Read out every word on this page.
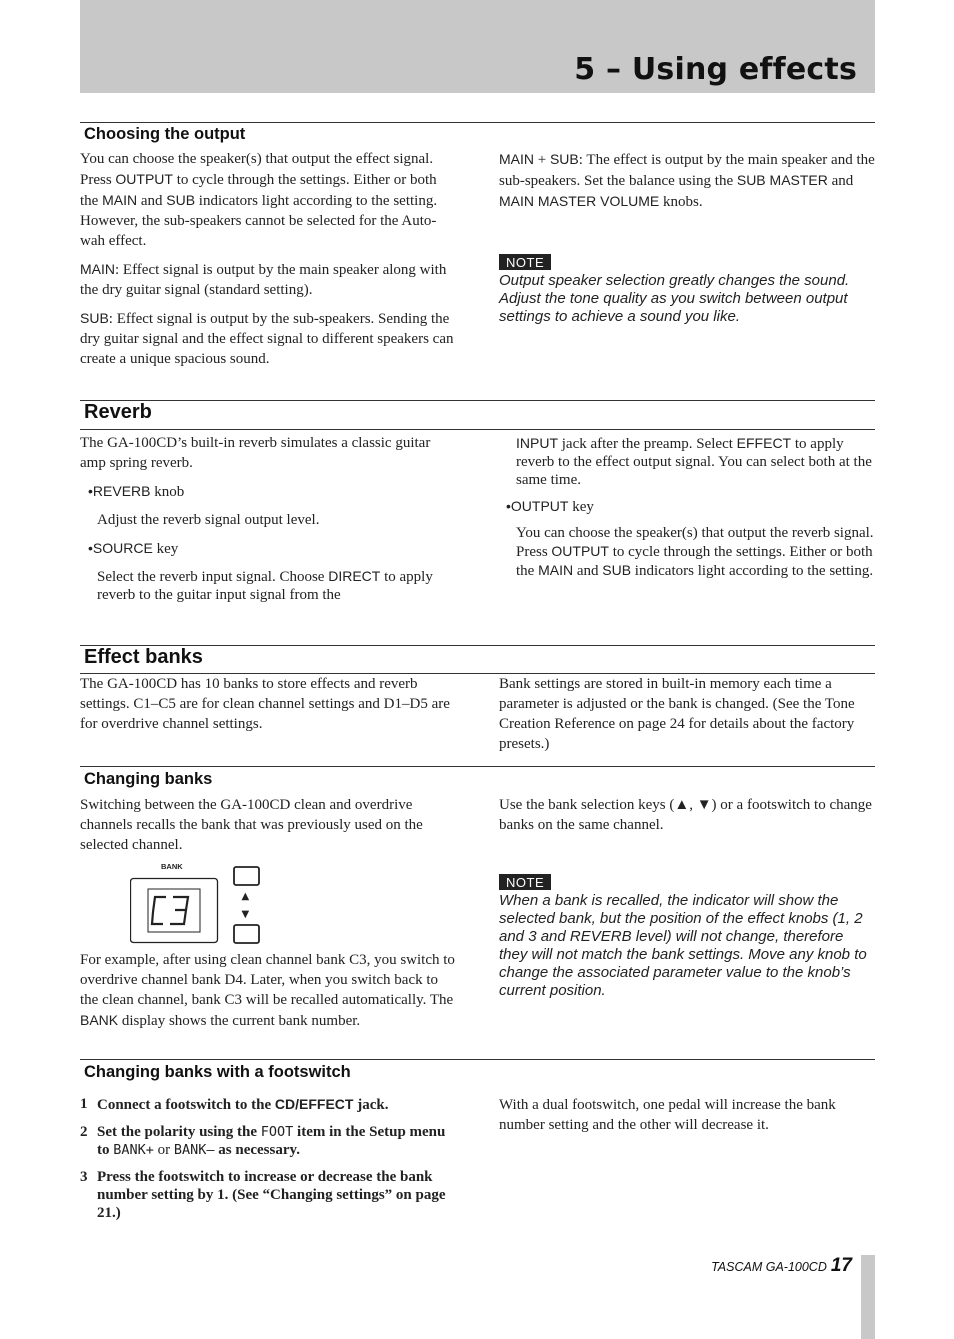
5 – Using effects
Choosing the output

You can choose the speaker(s) that output the effect signal. Press OUTPUT to cycle through the settings. Either or both the MAIN and SUB indicators light according to the setting. However, the sub-speakers cannot be selected for the Auto-wah effect.

MAIN: Effect signal is output by the main speaker along with the dry guitar signal (standard setting).

SUB: Effect signal is output by the sub-speakers. Sending the dry guitar signal and the effect signal to different speakers can create a unique spacious sound.

MAIN + SUB: The effect is output by the main speaker and the sub-speakers. Set the balance using the SUB MASTER and MAIN MASTER VOLUME knobs.

NOTE
Output speaker selection greatly changes the sound. Adjust the tone quality as you switch between output settings to achieve a sound you like.
Reverb

The GA-100CD’s built-in reverb simulates a classic guitar amp spring reverb.

•REVERB knob

Adjust the reverb signal output level.

•SOURCE key

Select the reverb input signal. Choose DIRECT to apply reverb to the guitar input signal from the

INPUT jack after the preamp. Select EFFECT to apply reverb to the effect output signal. You can select both at the same time.

•OUTPUT key

You can choose the speaker(s) that output the reverb signal. Press OUTPUT to cycle through the settings. Either or both the MAIN and SUB indicators light according to the setting.

Effect banks

The GA-100CD has 10 banks to store effects and reverb settings. C1–C5 are for clean channel settings and D1–D5 are for overdrive channel settings.

Bank settings are stored in built-in memory each time a parameter is adjusted or the bank is changed. (See the Tone Creation Reference on page 24 for details about the factory presets.)

Changing banks

Switching between the GA-100CD clean and overdrive channels recalls the bank that was previously used on the selected channel.

BANK
▲
▼

For example, after using clean channel bank C3, you switch to overdrive channel bank D4. Later, when you switch back to the clean channel, bank C3 will be recalled automatically. The BANK display shows the current bank number.

Use the bank selection keys (▲, ▼) or a footswitch to change banks on the same channel.

NOTE
When a bank is recalled, the indicator will show the selected bank, but the position of the effect knobs (1, 2 and 3 and REVERB level) will not change, therefore they will not match the bank settings. Move any knob to change the associated parameter value to the knob’s current position.
Changing banks with a footswitch
1 Connect a footswitch to the CD/EFFECT jack.
2 Set the polarity using the FOOT item in the Setup menu to BANK+ or BANK– as necessary.
3 Press the footswitch to increase or decrease the bank number setting by 1. (See “Changing settings” on page 21.)

With a dual footswitch, one pedal will increase the bank number setting and the other will decrease it.

TASCAM GA-100CD 17
